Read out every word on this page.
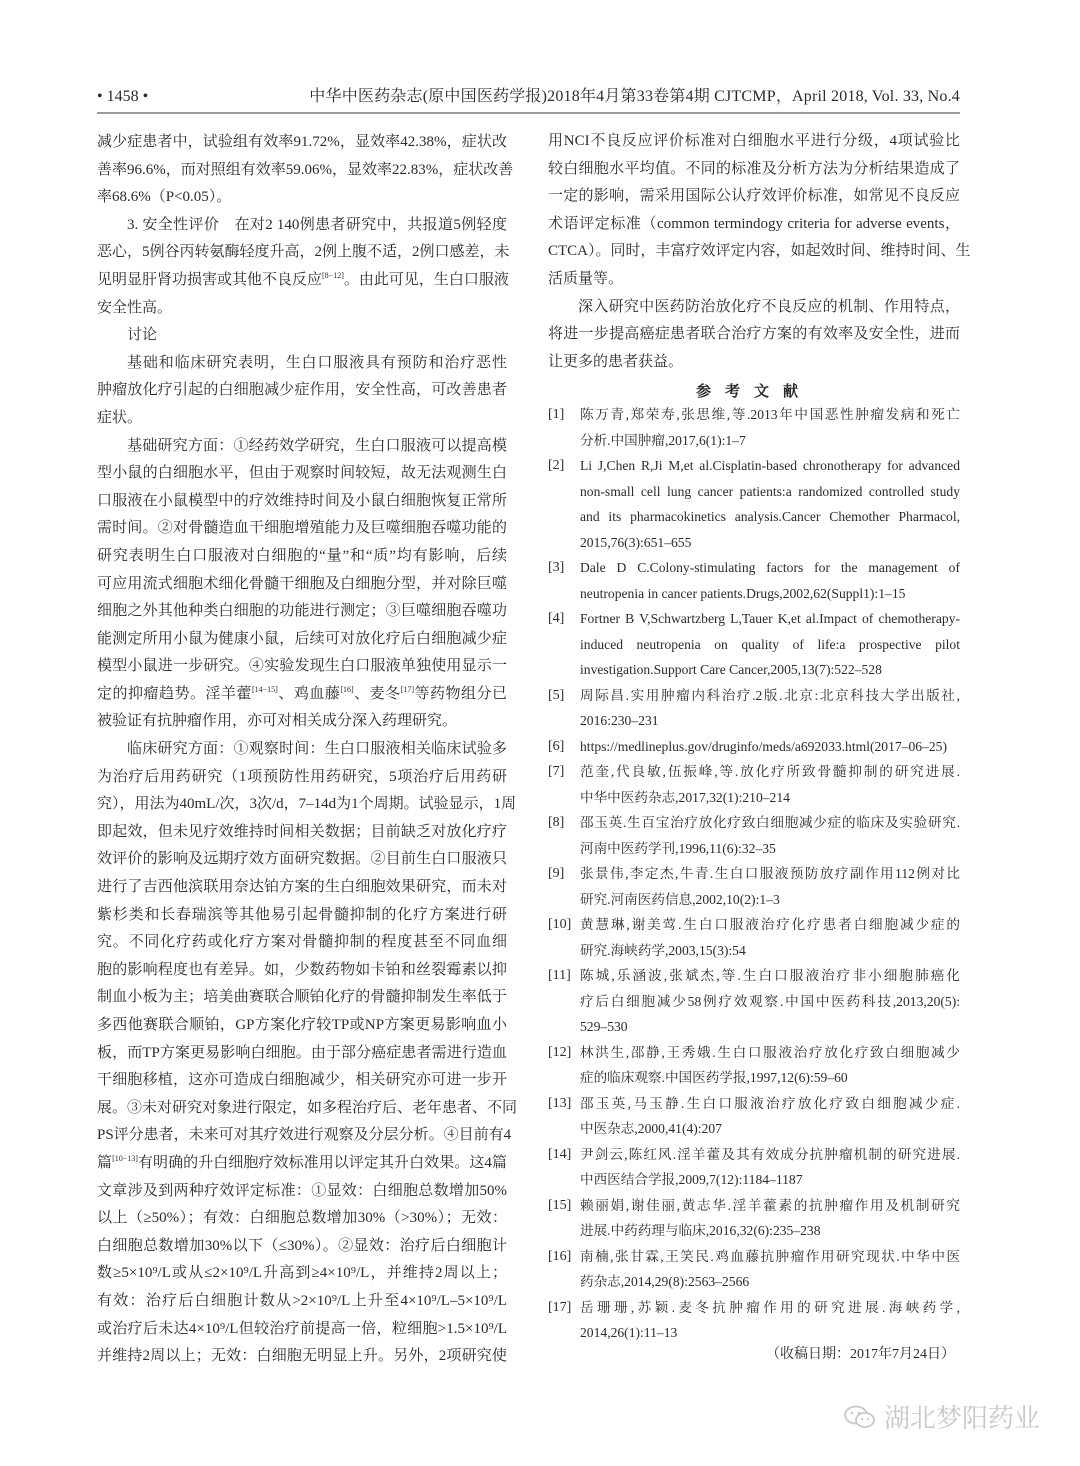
• 1458 •	中华中医药杂志(原中国医药学报)2018年4月第33卷第4期 CJTCMP，April 2018, Vol. 33, No.4
减少症患者中，试验组有效率91.72%，显效率42.38%，症状改
善率96.6%，而对照组有效率59.06%，显效率22.83%，症状改善
率68.6%（P<0.05）。
3. 安全性评价　在对2 140例患者研究中，共报道5例轻度
恶心，5例谷丙转氨酶轻度升高，2例上腹不适，2例口感差，未
见明显肝肾功损害或其他不良反应[8−12]。由此可见，生白口服液
安全性高。
讨论
基础和临床研究表明，生白口服液具有预防和治疗恶性
肿瘤放化疗引起的白细胞减少症作用，安全性高，可改善患者
症状。
基础研究方面：①经药效学研究，生白口服液可以提高模
型小鼠的白细胞水平，但由于观察时间较短，故无法观测生白
口服液在小鼠模型中的疗效维持时间及小鼠白细胞恢复正常所
需时间。②对骨髓造血干细胞增殖能力及巨噬细胞吞噬功能的
研究表明生白口服液对白细胞的“量”和“质”均有影响，后续
可应用流式细胞术细化骨髓干细胞及白细胞分型，并对除巨噬
细胞之外其他种类白细胞的功能进行测定；③巨噬细胞吞噬功
能测定所用小鼠为健康小鼠，后续可对放化疗后白细胞减少症
模型小鼠进一步研究。④实验发现生白口服液单独使用显示一
定的抑瘤趋势。淫羊藿[14−15]、鸡血藤[16]、麦冬[17]等药物组分已
被验证有抗肿瘤作用，亦可对相关成分深入药理研究。
临床研究方面：①观察时间：生白口服液相关临床试验多
为治疗后用药研究（1项预防性用药研究，5项治疗后用药研
究），用法为40mL/次，3次/d，7–14d为1个周期。试验显示，1周
即起效，但未见疗效维持时间相关数据；目前缺乏对放化疗疗
效评价的影响及远期疗效方面研究数据。②目前生白口服液只
进行了吉西他滨联用奈达铂方案的生白细胞效果研究，而未对
紫杉类和长春瑞滨等其他易引起骨髓抑制的化疗方案进行研
究。不同化疗药或化疗方案对骨髓抑制的程度甚至不同血细
胞的影响程度也有差异。如，少数药物如卡铂和丝裂霉素以抑
制血小板为主；培美曲赛联合顺铂化疗的骨髓抑制发生率低于
多西他赛联合顺铂，GP方案化疗较TP或NP方案更易影响血小
板，而TP方案更易影响白细胞。由于部分癌症患者需进行造血
干细胞移植，这亦可造成白细胞减少，相关研究亦可进一步开
展。③未对研究对象进行限定，如多程治疗后、老年患者、不同
PS评分患者，未来可对其疗效进行观察及分层分析。④目前有4
篇[10−13]有明确的升白细胞疗效标准用以评定其升白效果。这4篇
文章涉及到两种疗效评定标准：①显效：白细胞总数增加50%
以上（≥50%）；有效：白细胞总数增加30%（>30%）；无效：
白细胞总数增加30%以下（≤30%）。②显效：治疗后白细胞计
数≥5×10⁹/L或从≤2×10⁹/L升高到≥4×10⁹/L，并维持2周以上；
有效：治疗后白细胞计数从>2×10⁹/L上升至4×10⁹/L–5×10⁹/L
或治疗后未达4×10⁹/L但较治疗前提高一倍，粒细胞>1.5×10⁹/L
并维持2周以上；无效：白细胞无明显上升。另外，2项研究使
用NCI不良反应评价标准对白细胞水平进行分级，4项试验比
较白细胞水平均值。不同的标准及分析方法为分析结果造成了
一定的影响，需采用国际公认疗效评价标准，如常见不良反应
术语评定标准（common termindogy criteria for adverse events，
CTCA）。同时，丰富疗效评定内容，如起效时间、维持时间、生
活质量等。
深入研究中医药防治放化疗不良反应的机制、作用特点，
将进一步提高癌症患者联合治疗方案的有效率及安全性，进而
让更多的患者获益。
参考文献
[1] 陈万青,郑荣寿,张思维,等.2013年中国恶性肿瘤发病和死亡
分析.中国肿瘤,2017,6(1):1–7
[2] Li J,Chen R,Ji M,et al.Cisplatin-based chronotherapy for advanced
non-small cell lung cancer patients:a randomized controlled study
and its pharmacokinetics analysis.Cancer Chemother Pharmacol,
2015,76(3):651–655
[3] Dale D C.Colony-stimulating factors for the management of
neutropenia in cancer patients.Drugs,2002,62(Suppl1):1–15
[4] Fortner B V,Schwartzberg L,Tauer K,et al.Impact of chemotherapy-
induced neutropenia on quality of life:a prospective pilot
investigation.Support Care Cancer,2005,13(7):522–528
[5] 周际昌.实用肿瘤内科治疗.2版.北京:北京科技大学出版社,
2016:230–231
[6] https://medlineplus.gov/druginfo/meds/a692033.html(2017–06–25)
[7] 范奎,代良敏,伍振峰,等.放化疗所致骨髓抑制的研究进展.
中华中医药杂志,2017,32(1):210–214
[8] 邵玉英.生百宝治疗放化疗致白细胞减少症的临床及实验研究.
河南中医药学刊,1996,11(6):32–35
[9] 张景伟,李定杰,牛青.生白口服液预防放疗副作用112例对比
研究.河南医药信息,2002,10(2):1–3
[10] 黄慧琳,谢美莺.生白口服液治疗化疗患者白细胞减少症的
研究.海峡药学,2003,15(3):54
[11] 陈城,乐涵波,张斌杰,等.生白口服液治疗非小细胞肺癌化
疗后白细胞减少58例疗效观察.中国中医药科技,2013,20(5):
529–530
[12] 林洪生,邵静,王秀娥.生白口服液治疗放化疗致白细胞减少
症的临床观察.中国医药学报,1997,12(6):59–60
[13] 邵玉英,马玉静.生白口服液治疗放化疗致白细胞减少症.
中医杂志,2000,41(4):207
[14] 尹剑云,陈红风.淫羊藿及其有效成分抗肿瘤机制的研究进展.
中西医结合学报,2009,7(12):1184–1187
[15] 赖丽娟,谢佳丽,黄志华.淫羊藿素的抗肿瘤作用及机制研究
进展.中药药理与临床,2016,32(6):235–238
[16] 南楠,张甘霖,王笑民.鸡血藤抗肿瘤作用研究现状.中华中医
药杂志,2014,29(8):2563–2566
[17] 岳珊珊,苏颖.麦冬抗肿瘤作用的研究进展.海峡药学,
2014,26(1):11–13
（收稿日期：2017年7月24日）
湖北梦阳药业
